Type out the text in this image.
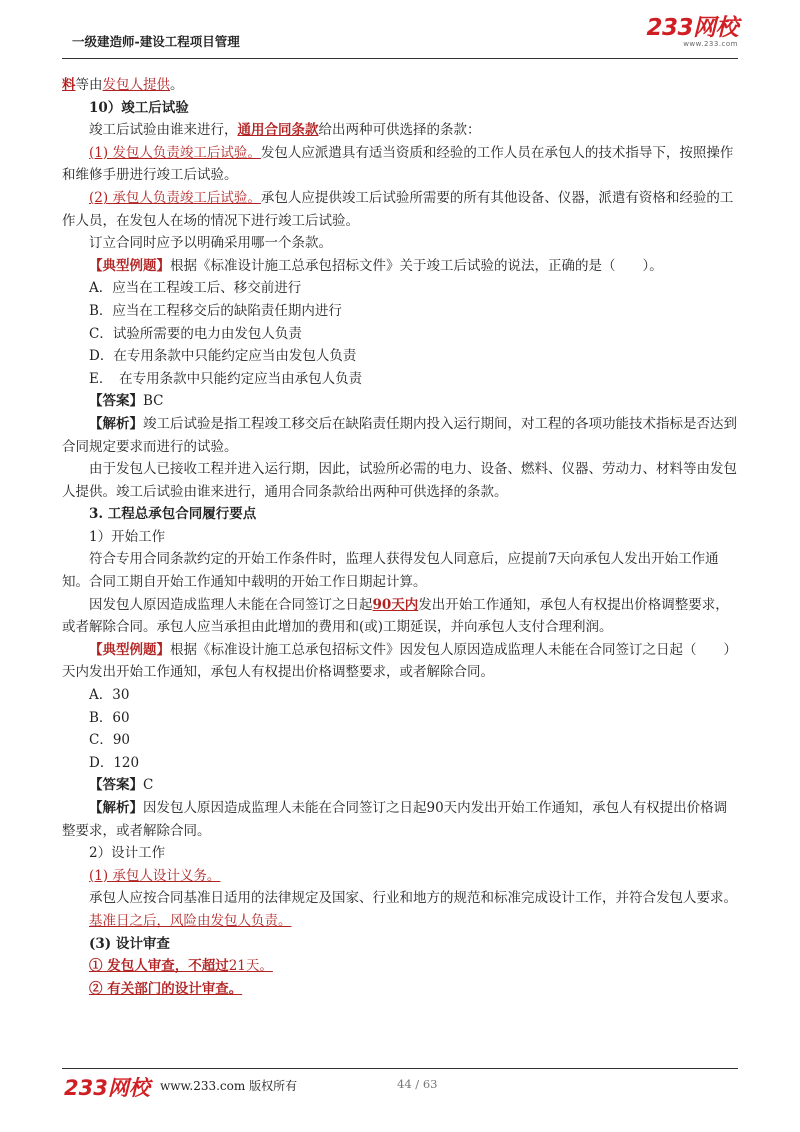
一级建造师-建设工程项目管理
233网校
www.233.com

料等由发包人提供。

10）竣工后试验

竣工后试验由谁来进行，通用合同条款给出两种可供选择的条款：

(1) 发包人负责竣工后试验。发包人应派遣具有适当资质和经验的工作人员在承包人的技术指导下，按照操作和维修手册进行竣工后试验。

(2) 承包人负责竣工后试验。承包人应提供竣工后试验所需要的所有其他设备、仪器，派遣有资格和经验的工作人员，在发包人在场的情况下进行竣工后试验。

订立合同时应予以明确采用哪一个条款。

【典型例题】根据《标准设计施工总承包招标文件》关于竣工后试验的说法，正确的是（　　）。

A．应当在工程竣工后、移交前进行

B．应当在工程移交后的缺陷责任期内进行

C．试验所需要的电力由发包人负责

D．在专用条款中只能约定应当由发包人负责

E．　在专用条款中只能约定应当由承包人负责

【答案】BC

【解析】竣工后试验是指工程竣工移交后在缺陷责任期内投入运行期间，对工程的各项功能技术指标是否达到合同规定要求而进行的试验。

由于发包人已接收工程并进入运行期，因此，试验所必需的电力、设备、燃料、仪器、劳动力、材料等由发包人提供。竣工后试验由谁来进行，通用合同条款给出两种可供选择的条款。

3. 工程总承包合同履行要点

1）开始工作

符合专用合同条款约定的开始工作条件时，监理人获得发包人同意后，应提前7天向承包人发出开始工作通知。合同工期自开始工作通知中载明的开始工作日期起计算。

因发包人原因造成监理人未能在合同签订之日起90天内发出开始工作通知，承包人有权提出价格调整要求，或者解除合同。承包人应当承担由此增加的费用和(或)工期延误，并向承包人支付合理利润。

【典型例题】根据《标准设计施工总承包招标文件》因发包人原因造成监理人未能在合同签订之日起（　　）天内发出开始工作通知，承包人有权提出价格调整要求，或者解除合同。

A．30

B．60

C．90

D．120

【答案】C

【解析】因发包人原因造成监理人未能在合同签订之日起90天内发出开始工作通知，承包人有权提出价格调整要求，或者解除合同。

2）设计工作

(1) 承包人设计义务。

承包人应按合同基准日适用的法律规定及国家、行业和地方的规范和标准完成设计工作，并符合发包人要求。

基准日之后，风险由发包人负责。

(3) 设计审查

① 发包人审查，不超过21天。

② 有关部门的设计审查。

233网校 www.233.com 版权所有	44 / 63
